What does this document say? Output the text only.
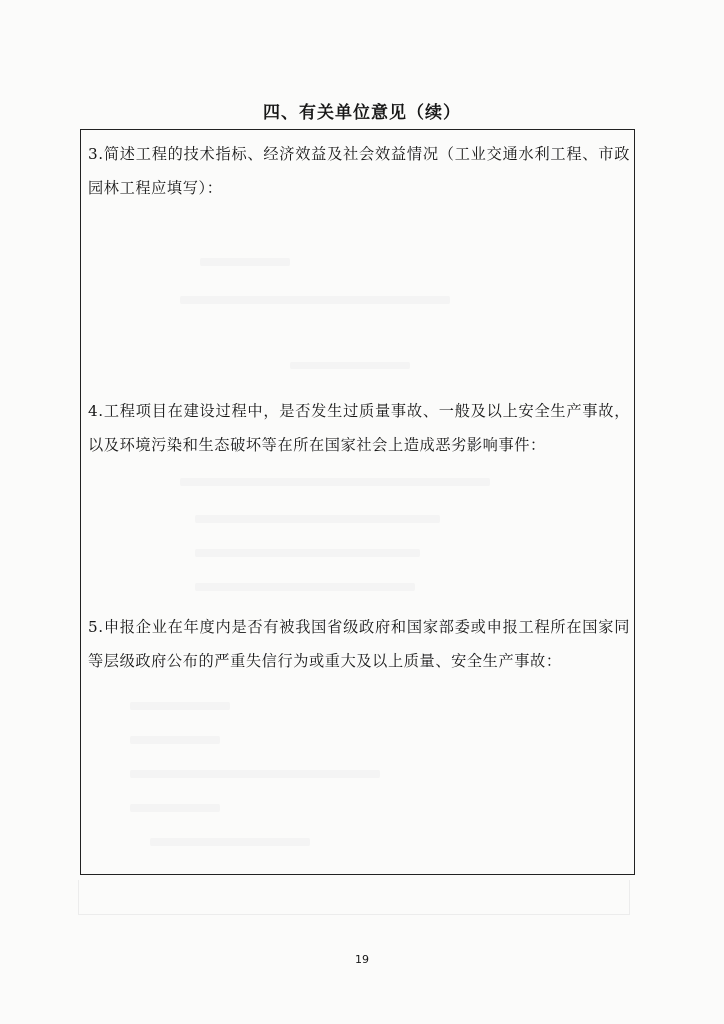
四、有关单位意见（续）
3.简述工程的技术指标、经济效益及社会效益情况（工业交通水利工程、市政园林工程应填写）：
4.工程项目在建设过程中，是否发生过质量事故、一般及以上安全生产事故，以及环境污染和生态破坏等在所在国家社会上造成恶劣影响事件：
5.申报企业在年度内是否有被我国省级政府和国家部委或申报工程所在国家同等层级政府公布的严重失信行为或重大及以上质量、安全生产事故：
19
